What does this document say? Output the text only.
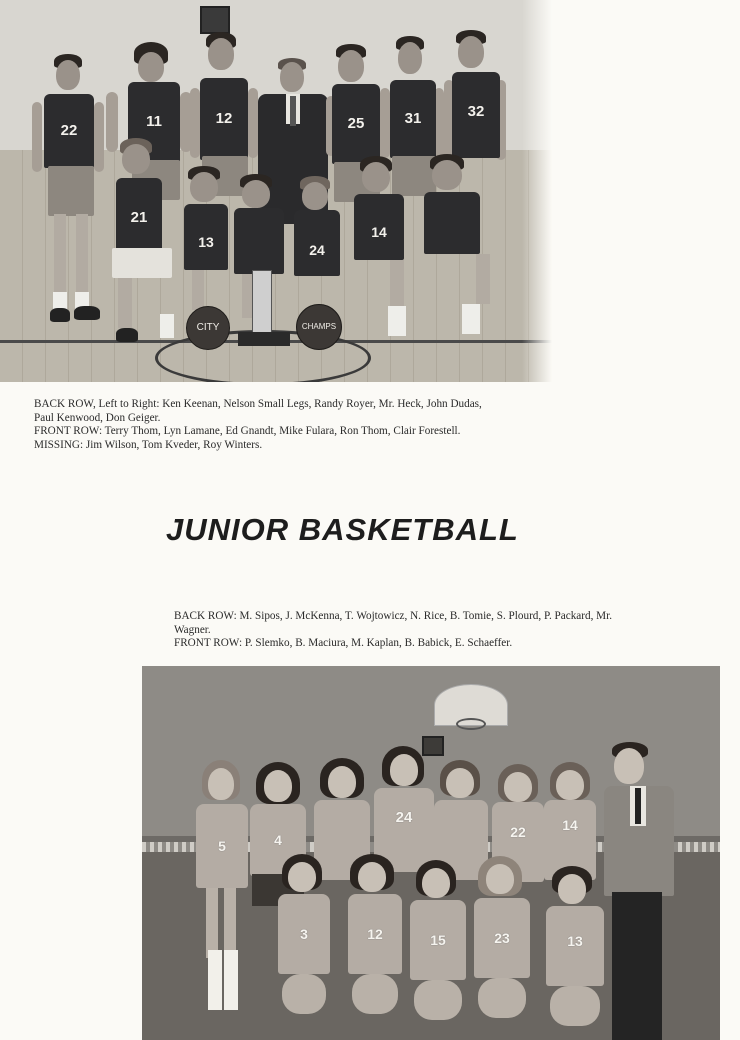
22
11	12	25	31	32
21
13	24
14
CITY	CHAMPS
BACK ROW, Left to Right: Ken Keenan, Nelson Small Legs, Randy Royer, Mr. Heck, John Dudas,
Paul Kenwood, Don Geiger.
FRONT ROW: Terry Thom, Lyn Lamane, Ed Gnandt, Mike Fulara, Ron Thom, Clair Forestell.
MISSING: Jim Wilson, Tom Kveder, Roy Winters.
JUNIOR BASKETBALL
BACK ROW: M. Sipos, J. McKenna, T. Wojtowicz, N. Rice, B. Tomie, S. Plourd, P. Packard, Mr.
Wagner.
FRONT ROW: P. Slemko, B. Maciura, M. Kaplan, B. Babick, E. Schaeffer.
5	4
24
22	14
3	12	15	23	13
